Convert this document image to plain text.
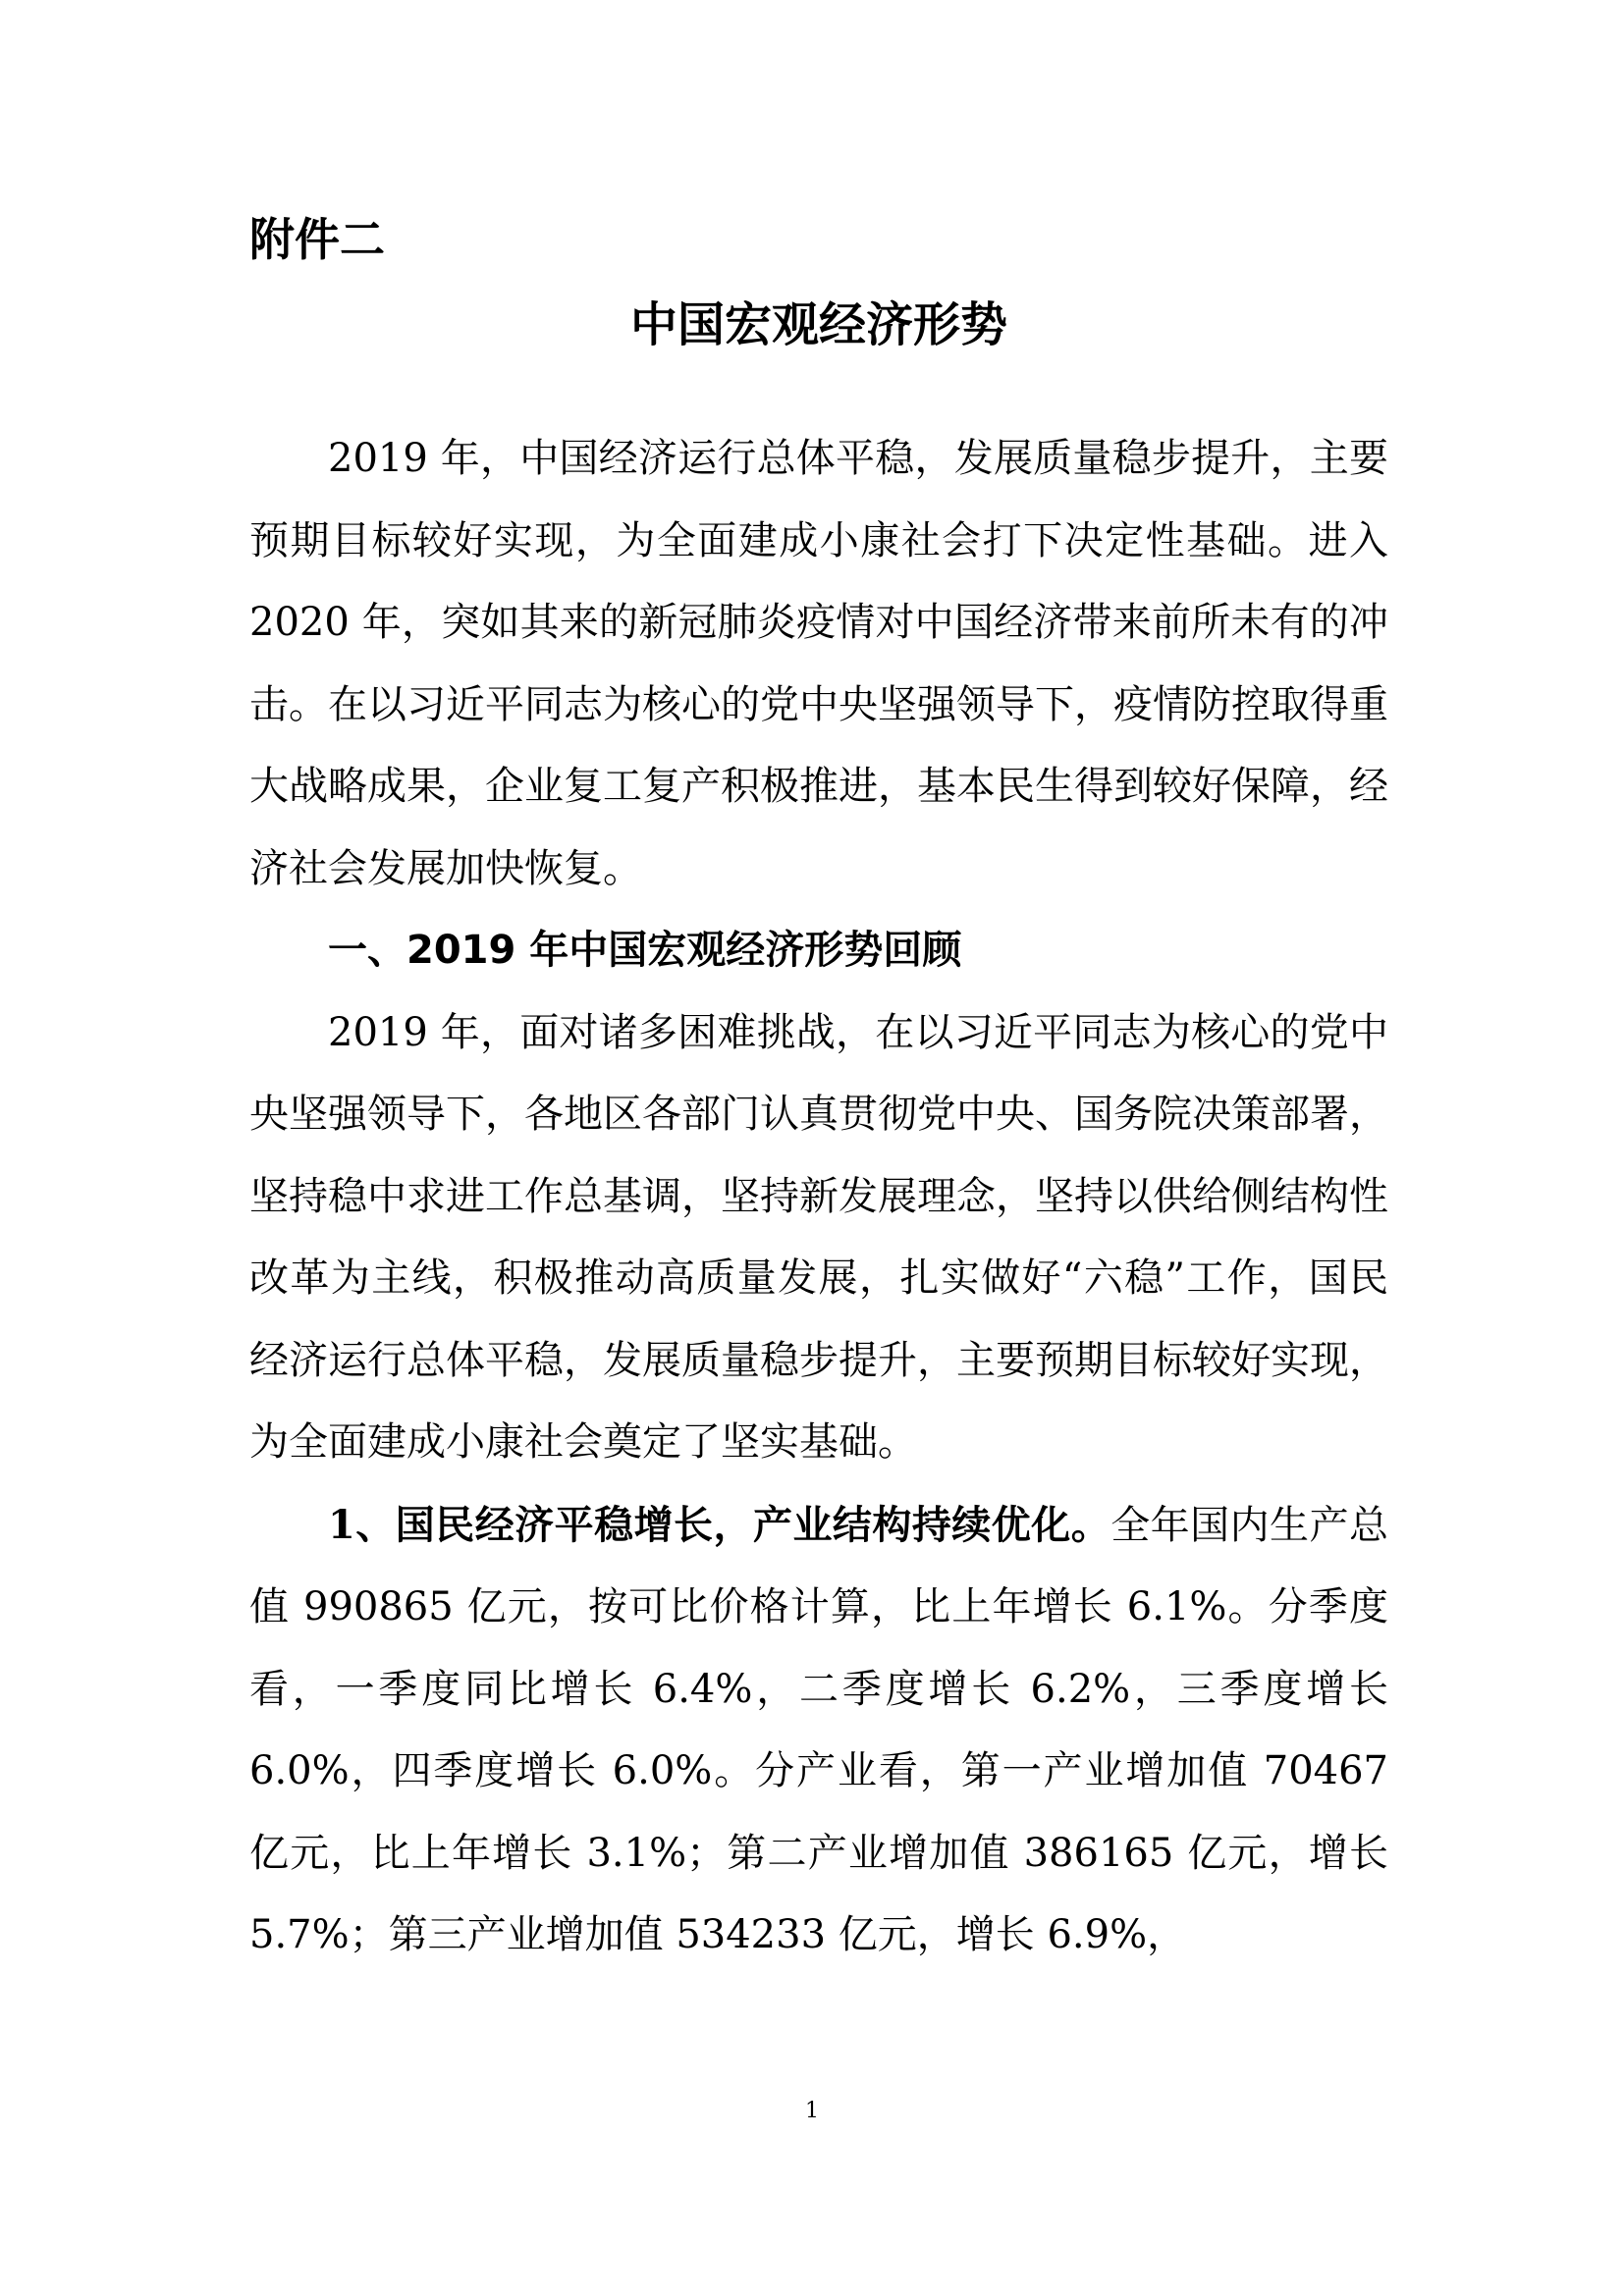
附件二
中国宏观经济形势

2019 年，中国经济运行总体平稳，发展质量稳步提升，主要预期目标较好实现，为全面建成小康社会打下决定性基础。进入 2020 年，突如其来的新冠肺炎疫情对中国经济带来前所未有的冲击。在以习近平同志为核心的党中央坚强领导下，疫情防控取得重大战略成果，企业复工复产积极推进，基本民生得到较好保障，经济社会发展加快恢复。

一、2019 年中国宏观经济形势回顾

2019 年，面对诸多困难挑战，在以习近平同志为核心的党中央坚强领导下，各地区各部门认真贯彻党中央、国务院决策部署，坚持稳中求进工作总基调，坚持新发展理念，坚持以供给侧结构性改革为主线，积极推动高质量发展，扎实做好“六稳”工作，国民经济运行总体平稳，发展质量稳步提升，主要预期目标较好实现，为全面建成小康社会奠定了坚实基础。

1、国民经济平稳增长，产业结构持续优化。全年国内生产总值 990865 亿元，按可比价格计算，比上年增长 6.1%。分季度看，一季度同比增长 6.4%，二季度增长 6.2%，三季度增长 6.0%，四季度增长 6.0%。分产业看，第一产业增加值 70467 亿元，比上年增长 3.1%；第二产业增加值 386165 亿元，增长 5.7%；第三产业增加值 534233 亿元，增长 6.9%，

1
